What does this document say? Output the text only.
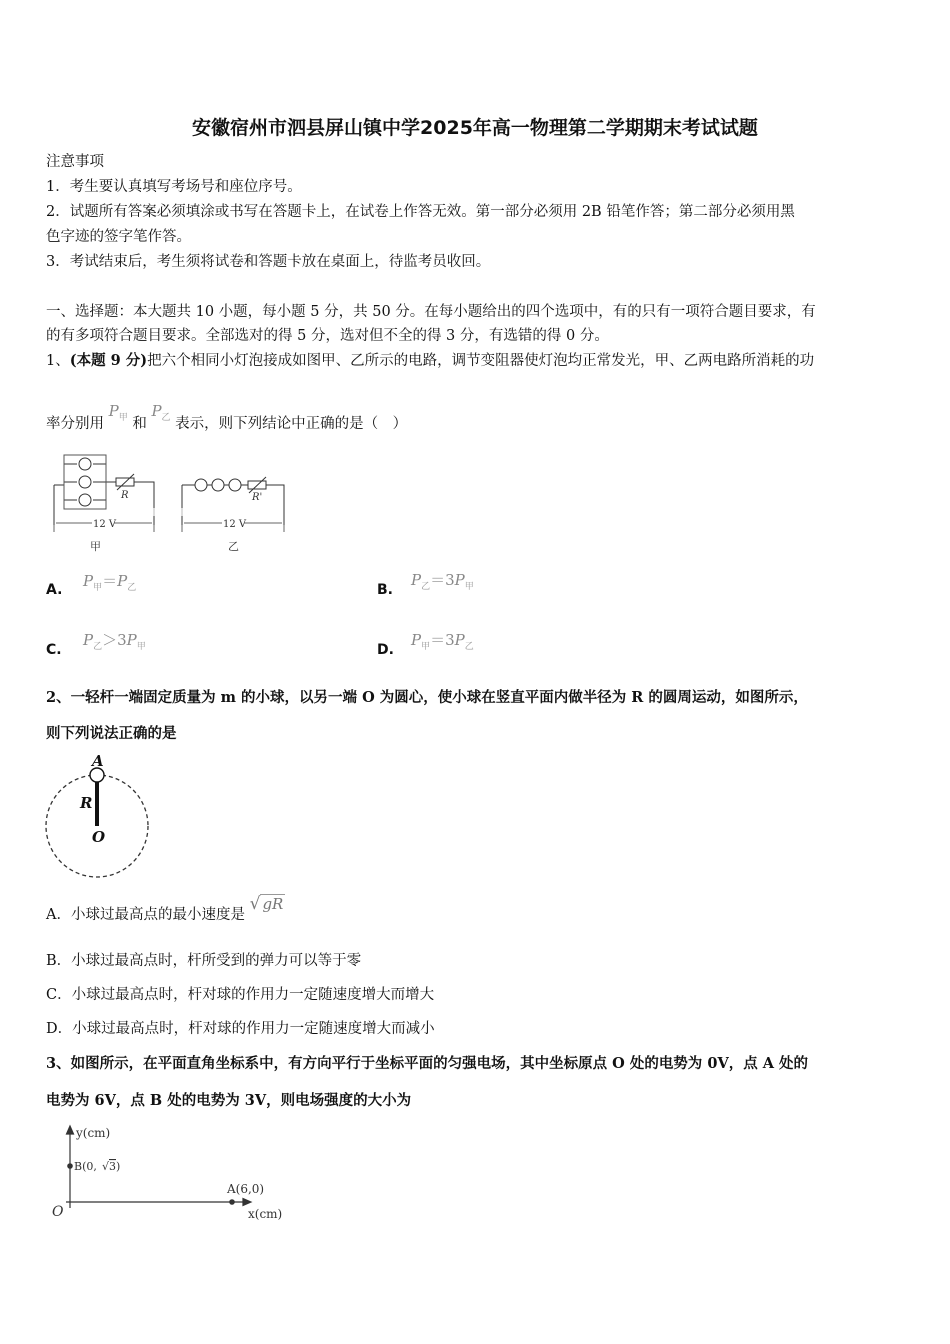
安徽宿州市泗县屏山镇中学2025年高一物理第二学期期末考试试题
注意事项
1．考生要认真填写考场号和座位序号。
2．试题所有答案必须填涂或书写在答题卡上，在试卷上作答无效。第一部分必须用 2B 铅笔作答；第二部分必须用黑
色字迹的签字笔作答。
3．考试结束后，考生须将试卷和答题卡放在桌面上，待监考员收回。
一、选择题：本大题共 10 小题，每小题 5 分，共 50 分。在每小题给出的四个选项中，有的只有一项符合题目要求，有
的有多项符合题目要求。全部选对的得 5 分，选对但不全的得 3 分，有选错的得 0 分。
1、(本题 9 分)把六个相同小灯泡接成如图甲、乙所示的电路，调节变阻器使灯泡均正常发光，甲、乙两电路所消耗的功
率分别用 $P_甲$ 和 $P_乙$ 表示，则下列结论中正确的是（　）
R	R'
12 V	12 V
甲	乙
A. $P_甲=P_乙$	B.
$P_乙=3P_甲$
C.
$P_乙>3P_甲$	D.
$P_甲=3P_乙$
2、一轻杆一端固定质量为 m 的小球，以另一端 O 为圆心，使小球在竖直平面内做半径为 R 的圆周运动，如图所示，
则下列说法正确的是
A
R
O
A．小球过最高点的最小速度是 √ gR
B．小球过最高点时，杆所受到的弹力可以等于零
C．小球过最高点时，杆对球的作用力一定随速度增大而增大
D．小球过最高点时，杆对球的作用力一定随速度增大而减小
3、如图所示，在平面直角坐标系中，有方向平行于坐标平面的匀强电场，其中坐标原点 O 处的电势为 0V，点 A 处的
电势为 6V，点 B 处的电势为 3V，则电场强度的大小为
y(cm)
x(cm)
O
B(0, √ 3 )
A(6,0)
